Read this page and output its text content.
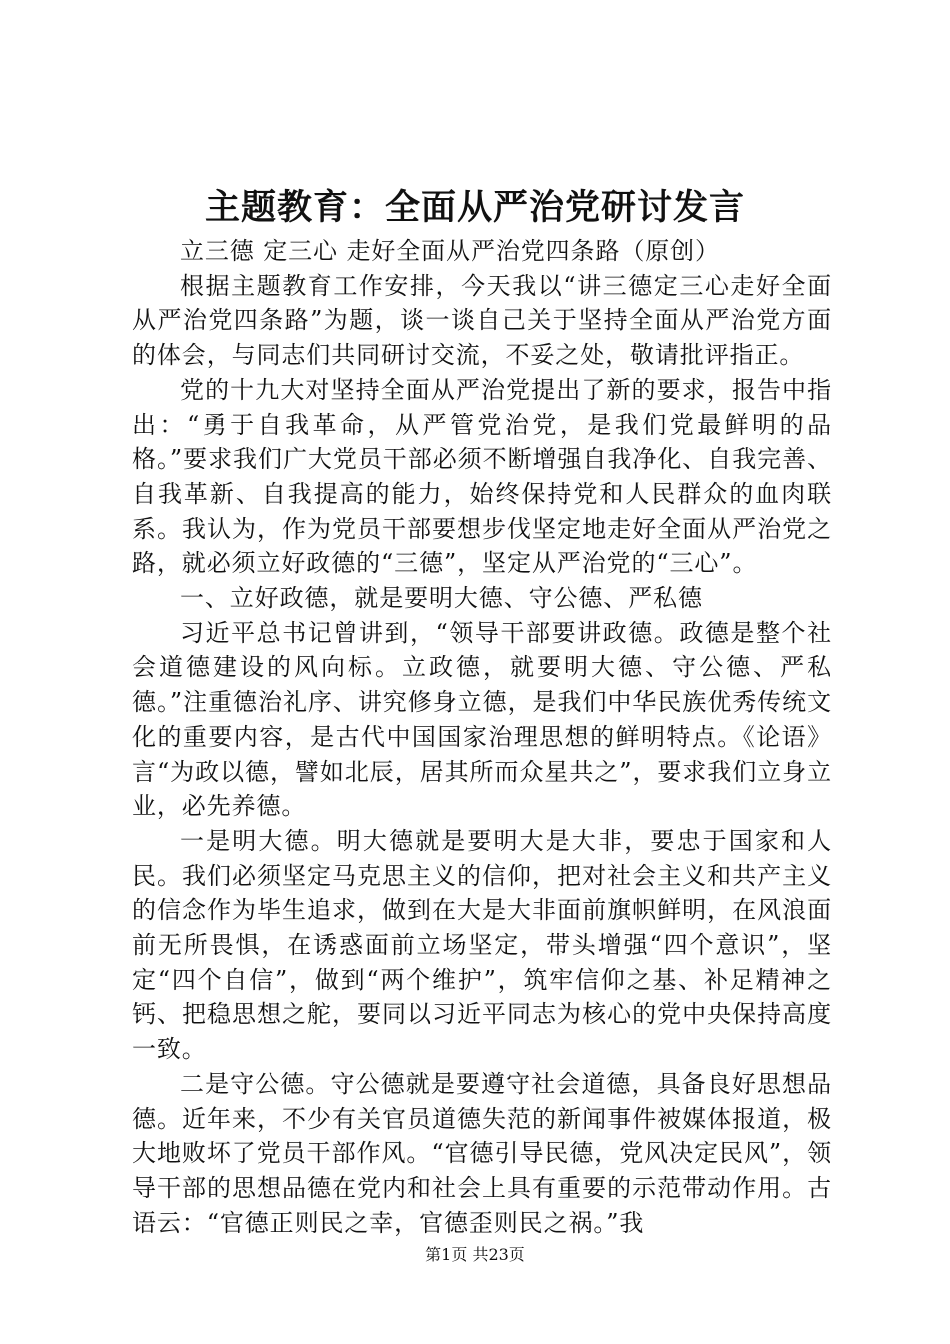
主题教育：全面从严治党研讨发言

立三德 定三心 走好全面从严治党四条路（原创）

根据主题教育工作安排，今天我以“讲三德定三心走好全面从严治党四条路”为题，谈一谈自己关于坚持全面从严治党方面的体会，与同志们共同研讨交流，不妥之处，敬请批评指正。

党的十九大对坚持全面从严治党提出了新的要求，报告中指出：“勇于自我革命，从严管党治党，是我们党最鲜明的品格。”要求我们广大党员干部必须不断增强自我净化、自我完善、自我革新、自我提高的能力，始终保持党和人民群众的血肉联系。我认为，作为党员干部要想步伐坚定地走好全面从严治党之路，就必须立好政德的“三德”，坚定从严治党的“三心”。

一、立好政德，就是要明大德、守公德、严私德

习近平总书记曾讲到，“领导干部要讲政德。政德是整个社会道德建设的风向标。立政德，就要明大德、守公德、严私德。”注重德治礼序、讲究修身立德，是我们中华民族优秀传统文化的重要内容，是古代中国国家治理思想的鲜明特点。《论语》言“为政以德，譬如北辰，居其所而众星共之”，要求我们立身立业，必先养德。

一是明大德。明大德就是要明大是大非，要忠于国家和人民。我们必须坚定马克思主义的信仰，把对社会主义和共产主义的信念作为毕生追求，做到在大是大非面前旗帜鲜明，在风浪面前无所畏惧，在诱惑面前立场坚定，带头增强“四个意识”，坚定“四个自信”，做到“两个维护”，筑牢信仰之基、补足精神之钙、把稳思想之舵，要同以习近平同志为核心的党中央保持高度一致。

二是守公德。守公德就是要遵守社会道德，具备良好思想品德。近年来，不少有关官员道德失范的新闻事件被媒体报道，极大地败坏了党员干部作风。“官德引导民德，党风决定民风”，领导干部的思想品德在党内和社会上具有重要的示范带动作用。古语云：“官德正则民之幸，官德歪则民之祸。”我

第1页 共23页
